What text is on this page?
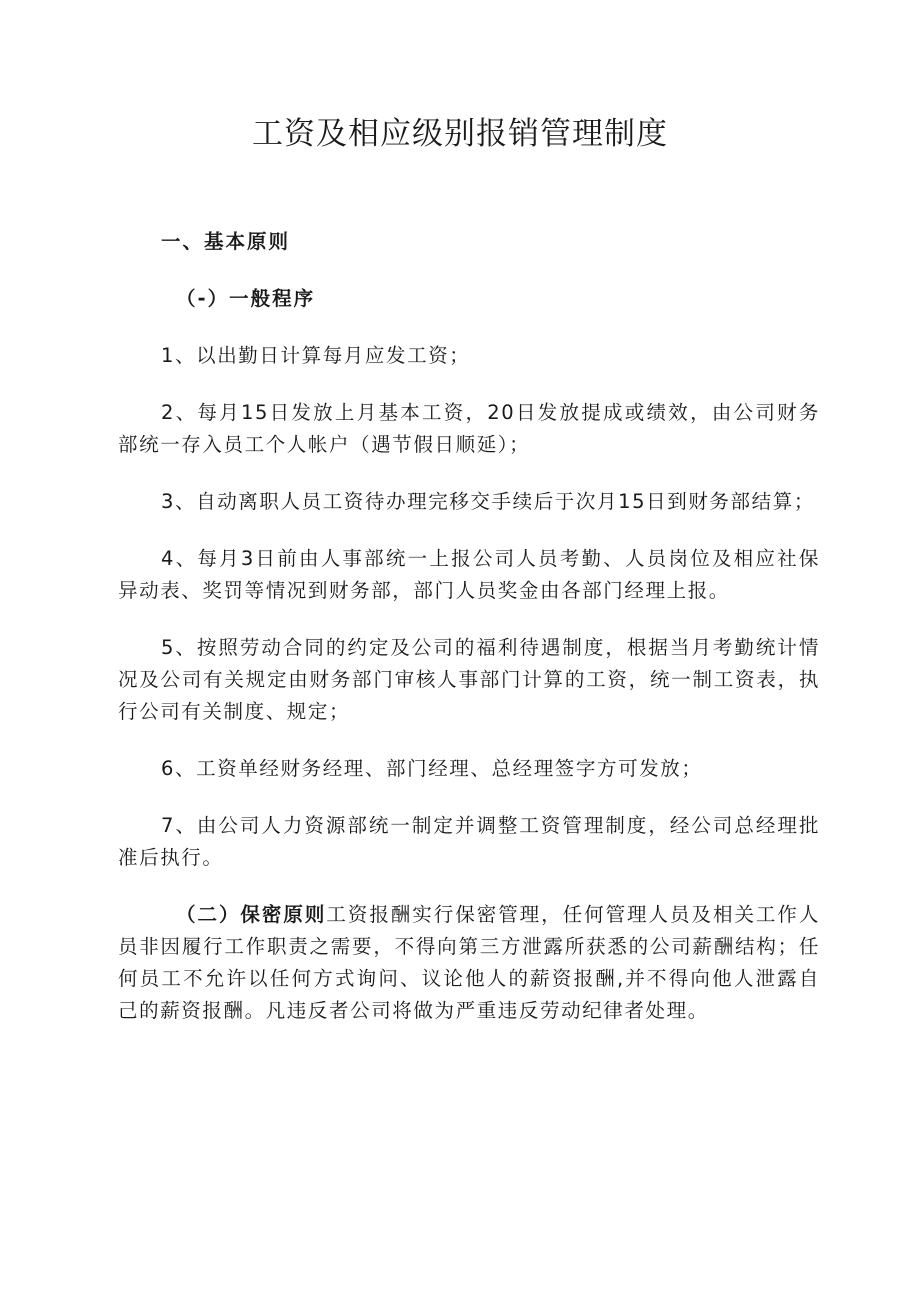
工资及相应级别报销管理制度

一、基本原则

（-）一般程序

1、以出勤日计算每月应发工资；

2、每月15日发放上月基本工资，20日发放提成或绩效，由公司财务部统一存入员工个人帐户（遇节假日顺延）；

3、自动离职人员工资待办理完移交手续后于次月15日到财务部结算；

4、每月3日前由人事部统一上报公司人员考勤、人员岗位及相应社保异动表、奖罚等情况到财务部，部门人员奖金由各部门经理上报。

5、按照劳动合同的约定及公司的福利待遇制度，根据当月考勤统计情况及公司有关规定由财务部门审核人事部门计算的工资，统一制工资表，执行公司有关制度、规定；

6、工资单经财务经理、部门经理、总经理签字方可发放；

7、由公司人力资源部统一制定并调整工资管理制度，经公司总经理批准后执行。

（二）保密原则工资报酬实行保密管理，任何管理人员及相关工作人员非因履行工作职责之需要，不得向第三方泄露所获悉的公司薪酬结构；任何员工不允许以任何方式询问、议论他人的薪资报酬,并不得向他人泄露自己的薪资报酬。凡违反者公司将做为严重违反劳动纪律者处理。
